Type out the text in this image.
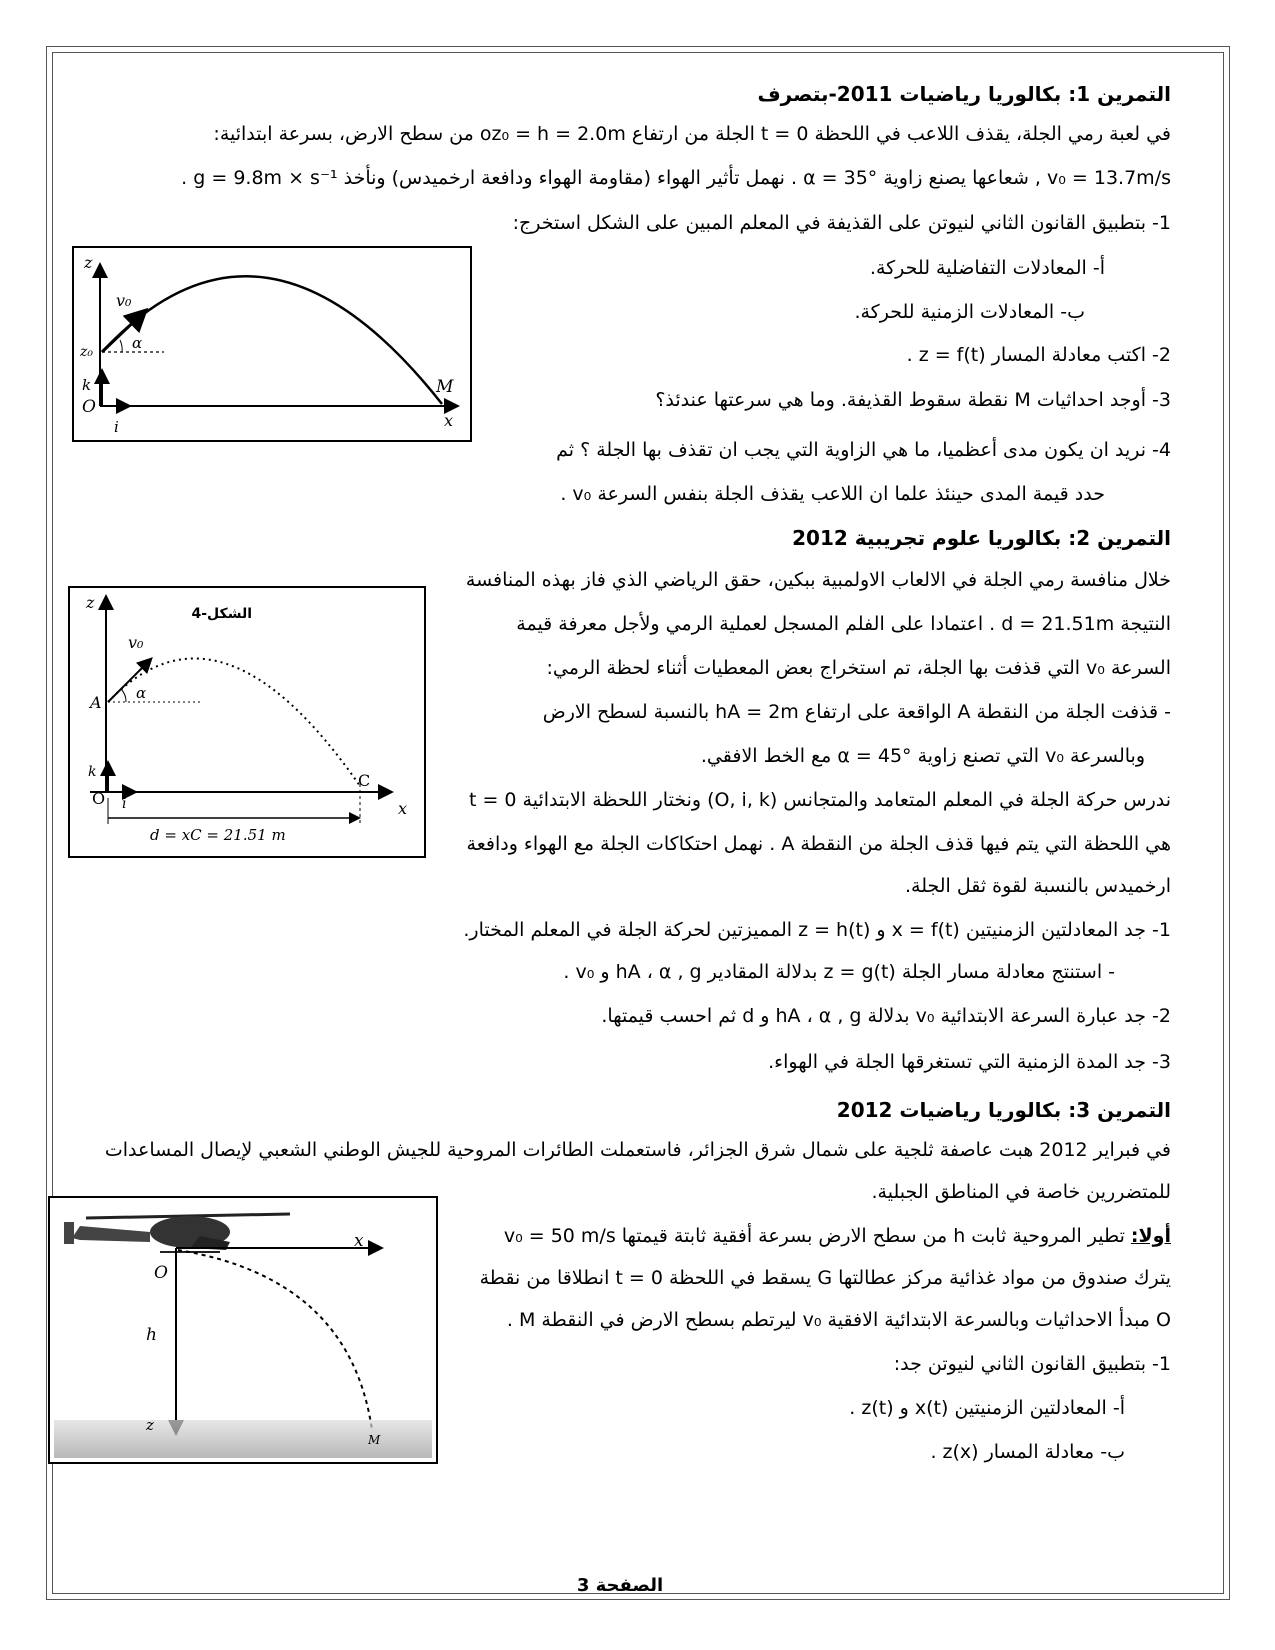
التمرين 1: بكالوريا رياضيات 2011-بتصرف
في لعبة رمي الجلة، يقذف اللاعب في اللحظة t = 0 الجلة من ارتفاع oz₀ = h = 2.0m من سطح الارض، بسرعة ابتدائية:
v₀ = 13.7m/s , شعاعها يصنع زاوية α = 35° . نهمل تأثير الهواء (مقاومة الهواء ودافعة ارخميدس) ونأخذ g = 9.8m × s⁻¹ .
1- بتطبيق القانون الثاني لنيوتن على القذيفة في المعلم المبين على الشكل استخرج:
أ- المعادلات التفاضلية للحركة.
ب- المعادلات الزمنية للحركة.
2- اكتب معادلة المسار z = f(t) .
3- أوجد احداثيات M نقطة سقوط القذيفة. وما هي سرعتها عندئذ؟
4- نريد ان يكون مدى أعظميا، ما هي الزاوية التي يجب ان تقذف بها الجلة ؟ ثم
حدد قيمة المدى حينئذ علما ان اللاعب يقذف الجلة بنفس السرعة v₀ .
z
v₀
α
z₀
k
O
i
M
x
التمرين 2: بكالوريا علوم تجريبية 2012
خلال منافسة رمي الجلة في الالعاب الاولمبية ببكين، حقق الرياضي الذي فاز بهذه المنافسة
النتيجة d = 21.51m . اعتمادا على الفلم المسجل لعملية الرمي ولأجل معرفة قيمة
السرعة v₀ التي قذفت بها الجلة، تم استخراج بعض المعطيات أثناء لحظة الرمي:
- قذفت الجلة من النقطة A الواقعة على ارتفاع hA = 2m بالنسبة لسطح الارض
وبالسرعة v₀ التي تصنع زاوية α = 45° مع الخط الافقي.
ندرس حركة الجلة في المعلم المتعامد والمتجانس (O, i, k) ونختار اللحظة الابتدائية t = 0
هي اللحظة التي يتم فيها قذف الجلة من النقطة A . نهمل احتكاكات الجلة مع الهواء ودافعة
ارخميدس بالنسبة لقوة ثقل الجلة.
1- جد المعادلتين الزمنيتين x = f(t) و z = h(t) المميزتين لحركة الجلة في المعلم المختار.
- استنتج معادلة مسار الجلة z = g(t) بدلالة المقادير hA ، α , g و v₀ .
2- جد عبارة السرعة الابتدائية v₀ بدلالة hA ، α , g و d ثم احسب قيمتها.
3- جد المدة الزمنية التي تستغرقها الجلة في الهواء.
الشكل-4
z
v₀
α
A
k
O i
C
x
d = xC = 21.51 m
التمرين 3: بكالوريا رياضيات 2012
في فبراير 2012 هبت عاصفة ثلجية على شمال شرق الجزائر، فاستعملت الطائرات المروحية للجيش الوطني الشعبي لإيصال المساعدات
للمتضررين خاصة في المناطق الجبلية.
أولا: تطير المروحية ثابت h من سطح الارض بسرعة أفقية ثابتة قيمتها v₀ = 50 m/s
يترك صندوق من مواد غذائية مركز عطالتها G يسقط في اللحظة t = 0 انطلاقا من نقطة
O مبدأ الاحداثيات وبالسرعة الابتدائية الافقية v₀ ليرتطم بسطح الارض في النقطة M .
1- بتطبيق القانون الثاني لنيوتن جد:
أ- المعادلتين الزمنيتين x(t) و z(t) .
ب- معادلة المسار z(x) .
x
O
h
z
M
الصفحة 3
